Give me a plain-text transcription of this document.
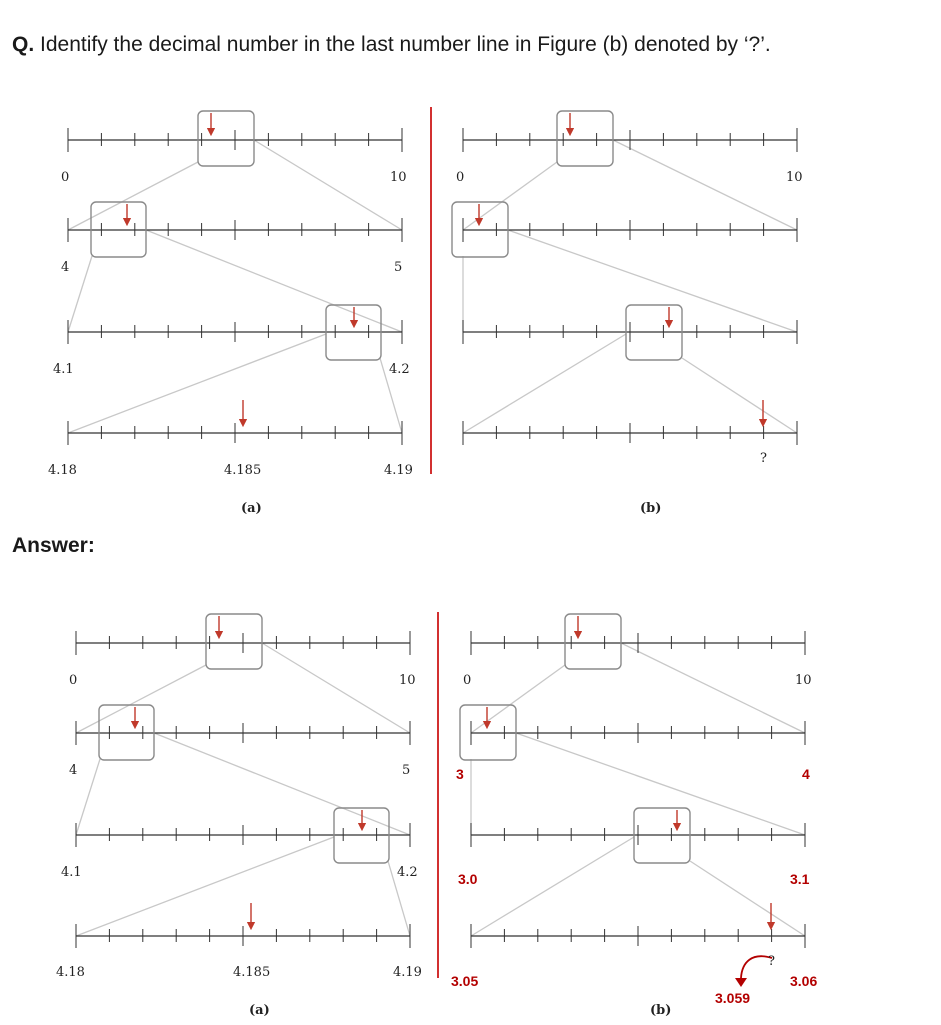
Q. Identify the decimal number in the last number line in Figure (b) denoted by ‘?’.
Answer:
0	10
4	5
4.1	4.2
4.18	4.185	4.19
(a)
0	10
?
(b)
0	10
4	5
4.1	4.2
4.18	4.185	4.19
(a)
0	10
3	4
3.0	3.1
3.05	3.06
?
3.059
(b)
